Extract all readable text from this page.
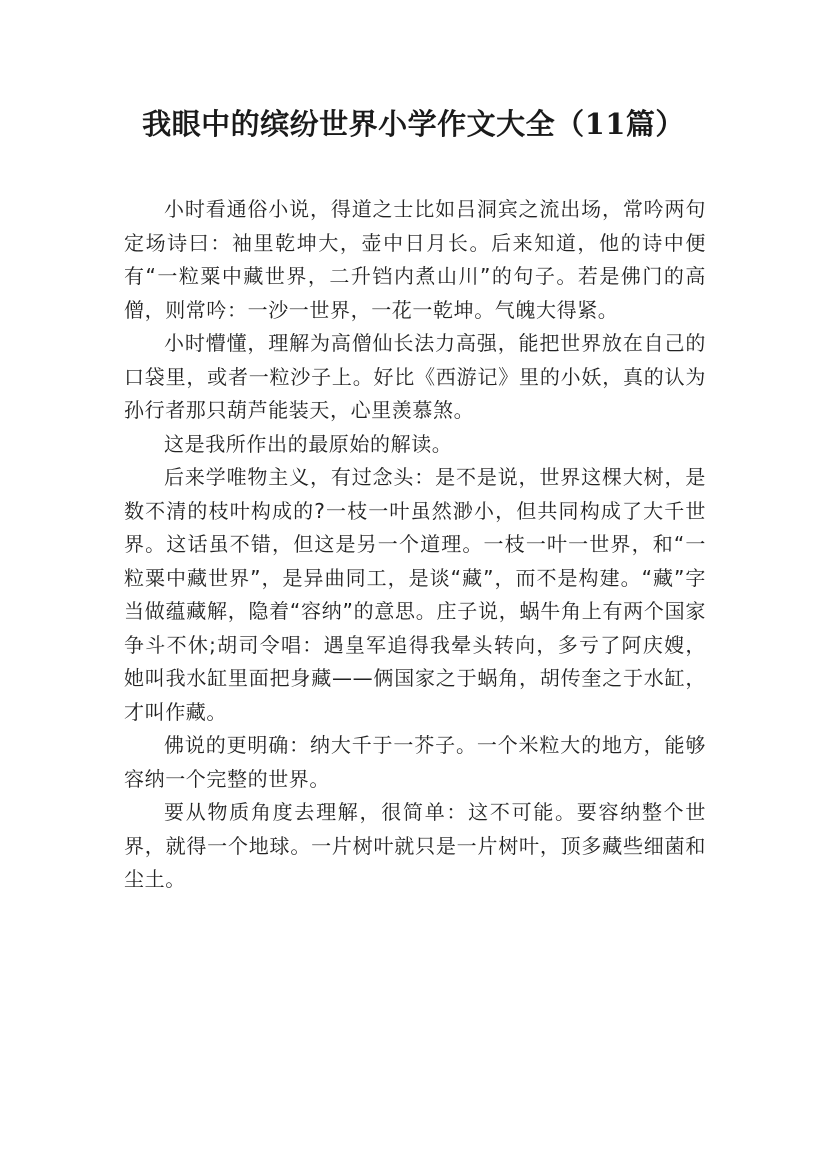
我眼中的缤纷世界小学作文大全（11篇）

小时看通俗小说，得道之士比如吕洞宾之流出场，常吟两句定场诗曰：袖里乾坤大，壶中日月长。后来知道，他的诗中便有“一粒粟中藏世界，二升铛内煮山川”的句子。若是佛门的高僧，则常吟：一沙一世界，一花一乾坤。气魄大得紧。

小时懵懂，理解为高僧仙长法力高强，能把世界放在自己的口袋里，或者一粒沙子上。好比《西游记》里的小妖，真的认为孙行者那只葫芦能装天，心里羡慕煞。

这是我所作出的最原始的解读。

后来学唯物主义，有过念头：是不是说，世界这棵大树，是数不清的枝叶构成的?一枝一叶虽然渺小，但共同构成了大千世界。这话虽不错，但这是另一个道理。一枝一叶一世界，和“一粒粟中藏世界”，是异曲同工，是谈“藏”，而不是构建。“藏”字当做蕴藏解，隐着“容纳”的意思。庄子说，蜗牛角上有两个国家争斗不休;胡司令唱：遇皇军追得我晕头转向，多亏了阿庆嫂，她叫我水缸里面把身藏——俩国家之于蜗角，胡传奎之于水缸，才叫作藏。

佛说的更明确：纳大千于一芥子。一个米粒大的地方，能够容纳一个完整的世界。

要从物质角度去理解，很简单：这不可能。要容纳整个世界，就得一个地球。一片树叶就只是一片树叶，顶多藏些细菌和尘土。
